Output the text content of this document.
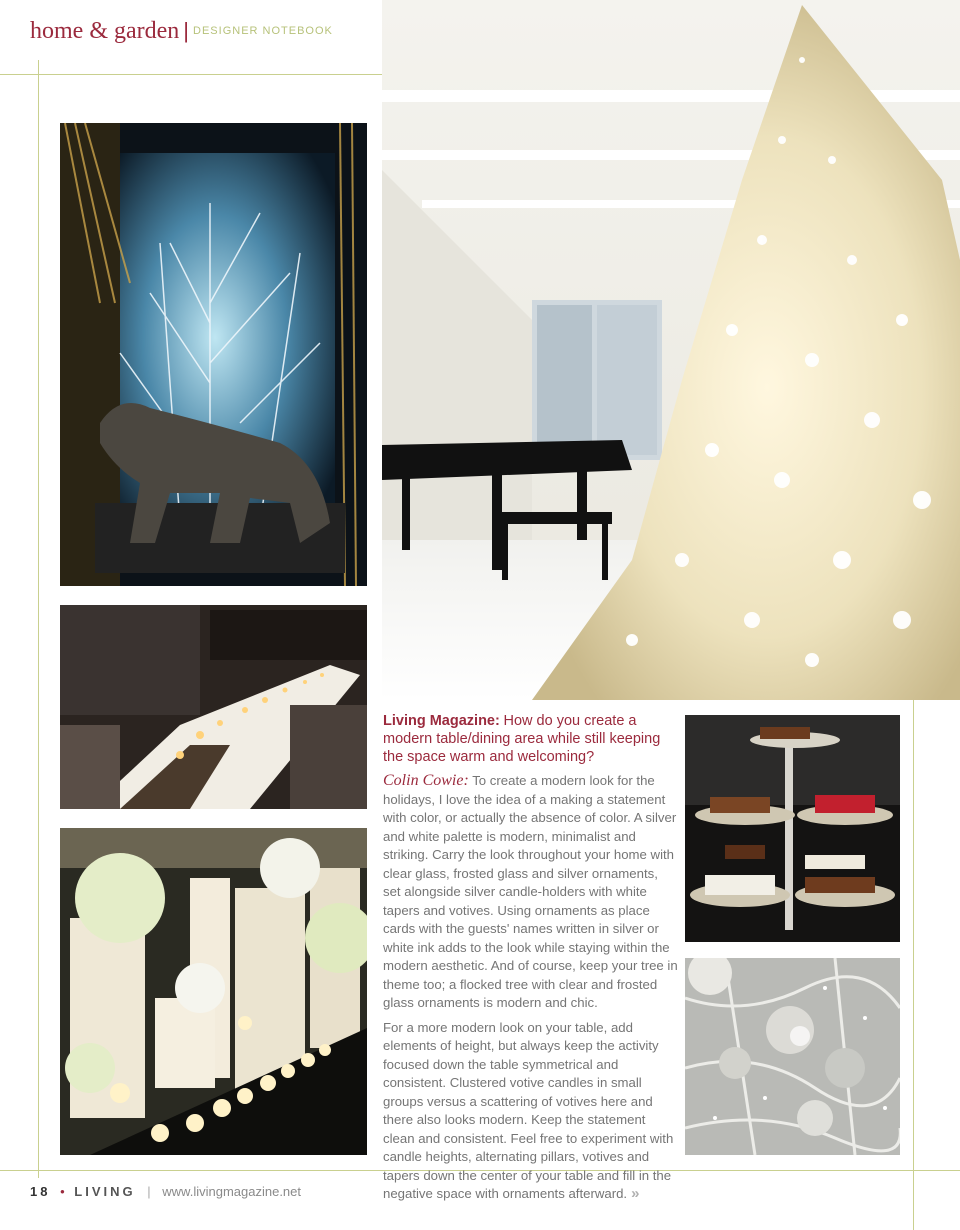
home & garden | DESIGNER NOTEBOOK

Living Magazine: How do you create a modern table/dining area while still keeping the space warm and welcoming?

Colin Cowie: To create a modern look for the holidays, I love the idea of a making a statement with color, or actually the absence of color. A silver and white palette is modern, minimalist and striking. Carry the look throughout your home with clear glass, frosted glass and silver ornaments, set alongside silver candle-holders with white tapers and votives. Using ornaments as place cards with the guests' names written in silver or white ink adds to the look while staying within the modern aesthetic. And of course, keep your tree in theme too; a flocked tree with clear and frosted glass ornaments is modern and chic.

For a more modern look on your table, add elements of height, but always keep the activity focused down the table symmetrical and consistent. Clustered votive candles in small groups versus a scattering of votives here and there also looks modern. Keep the statement clean and consistent. Feel free to experiment with candle heights, alternating pillars, votives and tapers down the center of your table and fill in the negative space with ornaments afterward. »

18 • LIVING | www.livingmagazine.net
